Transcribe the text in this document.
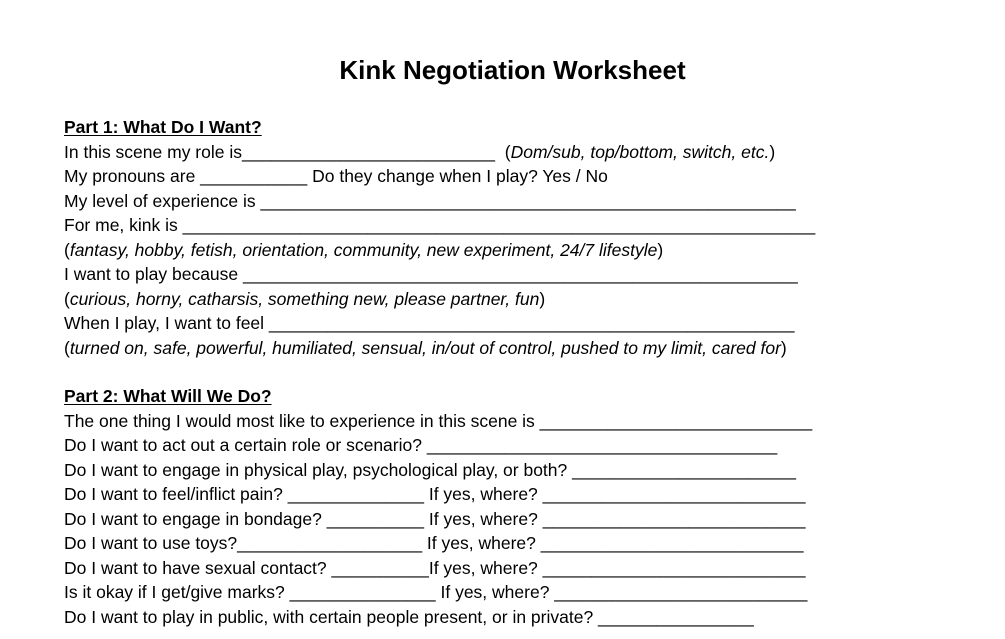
Kink Negotiation Worksheet
Part 1: What Do I Want?
In this scene my role is__________________________  (Dom/sub, top/bottom, switch, etc.)
My pronouns are ___________ Do they change when I play? Yes / No
My level of experience is _______________________________________________________
For me, kink is _________________________________________________________________
(fantasy, hobby, fetish, orientation, community, new experiment, 24/7 lifestyle)
I want to play because _________________________________________________________
(curious, horny, catharsis, something new, please partner, fun)
When I play, I want to feel ______________________________________________________
(turned on, safe, powerful, humiliated, sensual, in/out of control, pushed to my limit, cared for)
Part 2: What Will We Do?
The one thing I would most like to experience in this scene is ____________________________
Do I want to act out a certain role or scenario? ____________________________________
Do I want to engage in physical play, psychological play, or both? _______________________
Do I want to feel/inflict pain? ______________ If yes, where? ___________________________
Do I want to engage in bondage? __________ If yes, where? ___________________________
Do I want to use toys?___________________ If yes, where? ___________________________
Do I want to have sexual contact? __________If yes, where? ___________________________
Is it okay if I get/give marks? _______________ If yes, where? __________________________
Do I want to play in public, with certain people present, or in private? ________________
